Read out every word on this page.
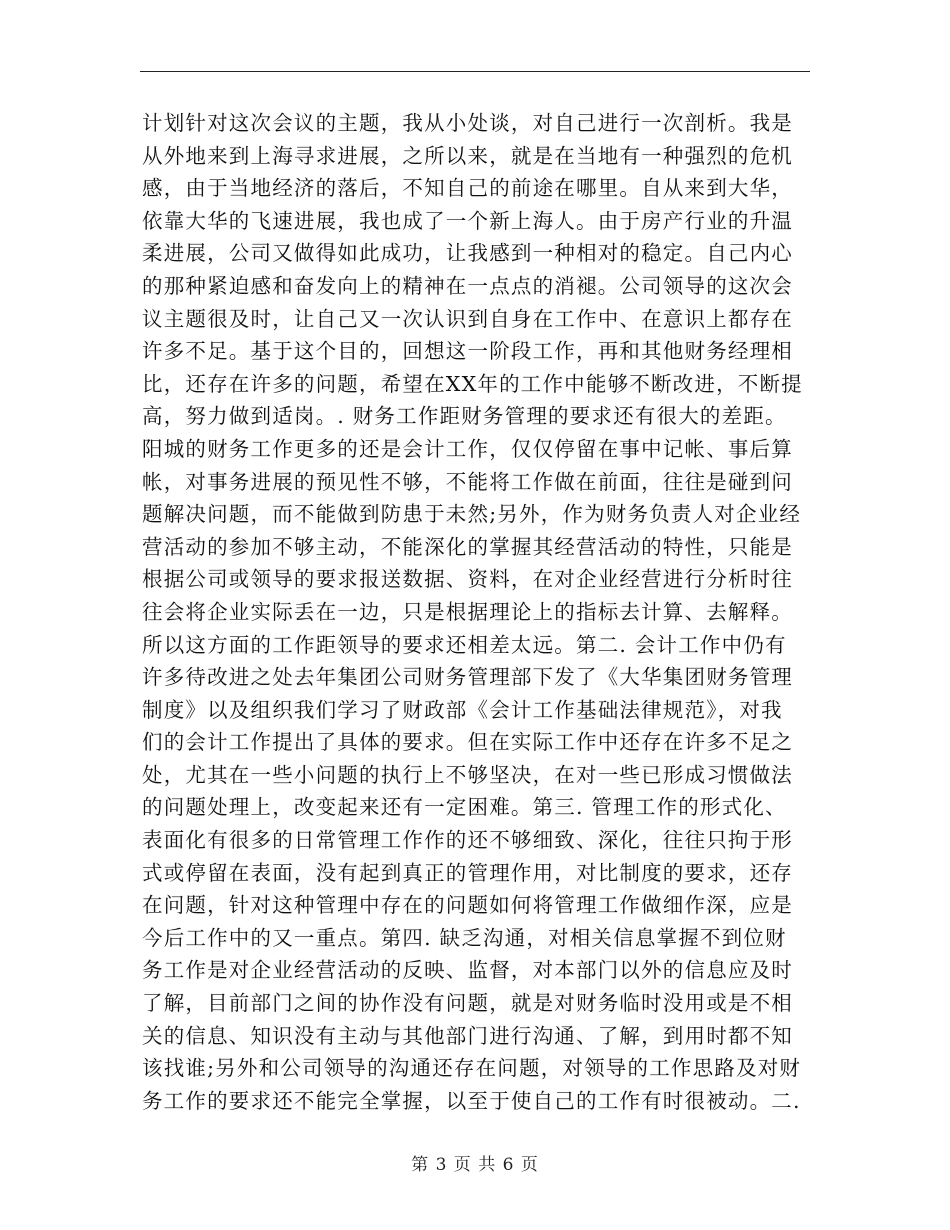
计划针对这次会议的主题，我从小处谈，对自己进行一次剖析。我是
从外地来到上海寻求进展，之所以来，就是在当地有一种强烈的危机
感，由于当地经济的落后，不知自己的前途在哪里。自从来到大华，
依靠大华的飞速进展，我也成了一个新上海人。由于房产行业的升温
柔进展，公司又做得如此成功，让我感到一种相对的稳定。自己内心
的那种紧迫感和奋发向上的精神在一点点的消褪。公司领导的这次会
议主题很及时，让自己又一次认识到自身在工作中、在意识上都存在
许多不足。基于这个目的，回想这一阶段工作，再和其他财务经理相
比，还存在许多的问题，希望在XX年的工作中能够不断改进，不断提
高，努力做到适岗。. 财务工作距财务管理的要求还有很大的差距。
阳城的财务工作更多的还是会计工作，仅仅停留在事中记帐、事后算
帐，对事务进展的预见性不够，不能将工作做在前面，往往是碰到问
题解决问题，而不能做到防患于未然;另外，作为财务负责人对企业经
营活动的参加不够主动，不能深化的掌握其经营活动的特性，只能是
根据公司或领导的要求报送数据、资料，在对企业经营进行分析时往
往会将企业实际丢在一边，只是根据理论上的指标去计算、去解释。
所以这方面的工作距领导的要求还相差太远。第二. 会计工作中仍有
许多待改进之处去年集团公司财务管理部下发了《大华集团财务管理
制度》以及组织我们学习了财政部《会计工作基础法律规范》，对我
们的会计工作提出了具体的要求。但在实际工作中还存在许多不足之
处，尤其在一些小问题的执行上不够坚决，在对一些已形成习惯做法
的问题处理上，改变起来还有一定困难。第三. 管理工作的形式化、
表面化有很多的日常管理工作作的还不够细致、深化，往往只拘于形
式或停留在表面，没有起到真正的管理作用，对比制度的要求，还存
在问题，针对这种管理中存在的问题如何将管理工作做细作深，应是
今后工作中的又一重点。第四. 缺乏沟通，对相关信息掌握不到位财
务工作是对企业经营活动的反映、监督，对本部门以外的信息应及时
了解，目前部门之间的协作没有问题，就是对财务临时没用或是不相
关的信息、知识没有主动与其他部门进行沟通、了解，到用时都不知
该找谁;另外和公司领导的沟通还存在问题，对领导的工作思路及对财
务工作的要求还不能完全掌握，以至于使自己的工作有时很被动。二.
第 3 页 共 6 页
